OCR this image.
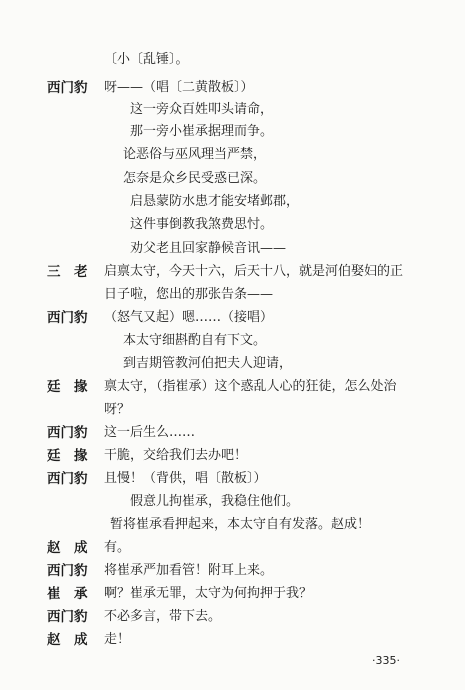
〔小〔乱锤〕。
西门豹 呀——（唱〔二黄散板〕）
这一旁众百姓叩头请命，
那一旁小崔承据理而争。
论恶俗与巫风理当严禁，
怎奈是众乡民受惑已深。
启恳蒙防水患才能安堵邺郡，
这件事倒教我煞费思忖。
劝父老且回家静候音讯——
三　老 启禀太守，今天十六，后天十八，就是河伯娶妇的正
日子啦，您出的那张告条——
西门豹 （怒气又起）嗯……（接唱）
本太守细斟酌自有下文。
到吉期管教河伯把夫人迎请，
廷　掾 禀太守，（指崔承）这个惑乱人心的狂徒，怎么处治
呀？
西门豹 这一后生么……
廷　掾 干脆，交给我们去办吧！
西门豹 且慢！（背供，唱〔散板〕）
假意儿拘崔承，我稳住他们。
暂将崔承看押起来，本太守自有发落。赵成！
赵　成 有。
西门豹 将崔承严加看管！附耳上来。
崔　承 啊？崔承无罪，太守为何拘押于我？
西门豹 不必多言，带下去。
赵　成 走！
·335·
